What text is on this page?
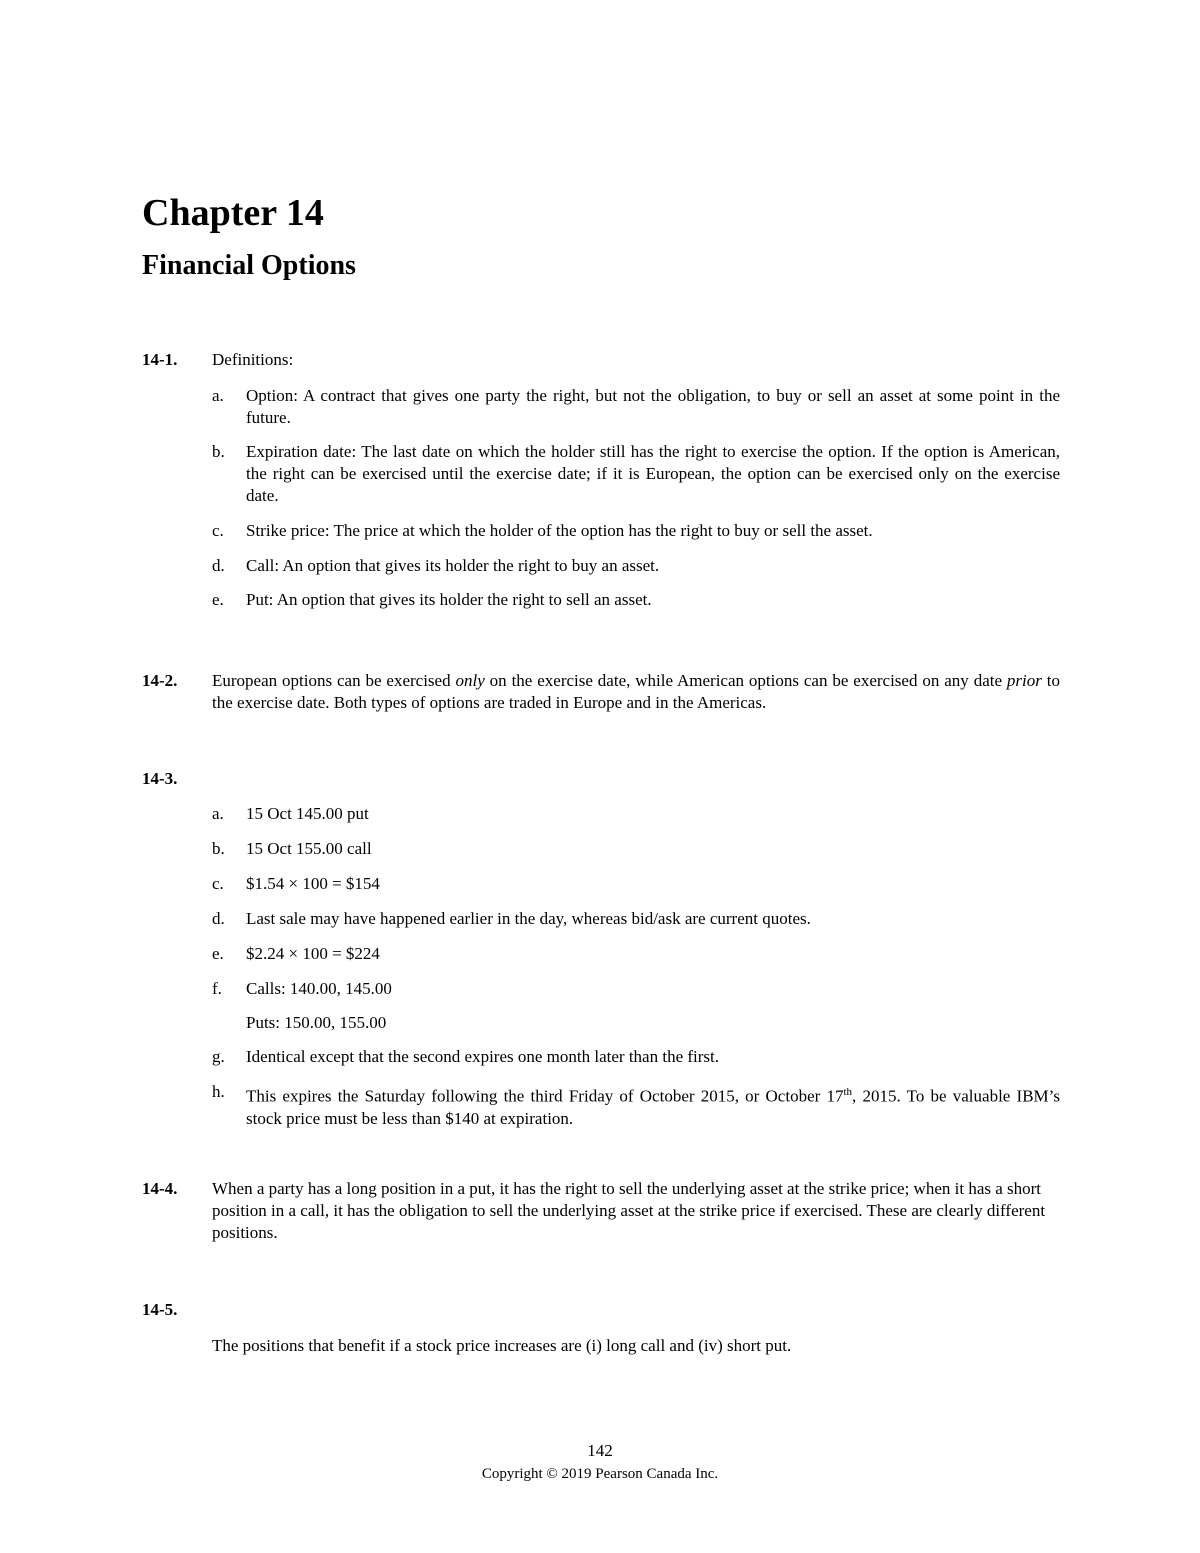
Chapter 14
Financial Options
14-1.	Definitions:
a.	Option: A contract that gives one party the right, but not the obligation, to buy or sell an asset at some point in the future.
b.	Expiration date: The last date on which the holder still has the right to exercise the option. If the option is American, the right can be exercised until the exercise date; if it is European, the option can be exercised only on the exercise date.
c.	Strike price: The price at which the holder of the option has the right to buy or sell the asset.
d.	Call: An option that gives its holder the right to buy an asset.
e.	Put: An option that gives its holder the right to sell an asset.
14-2.	European options can be exercised only on the exercise date, while American options can be exercised on any date prior to the exercise date. Both types of options are traded in Europe and in the Americas.
14-3.
a.	15 Oct 145.00 put
b.	15 Oct 155.00 call
c.	$1.54 × 100 = $154
d.	Last sale may have happened earlier in the day, whereas bid/ask are current quotes.
e.	$2.24 × 100 = $224
f.	Calls: 140.00, 145.00
Puts: 150.00, 155.00
g.	Identical except that the second expires one month later than the first.
h.	This expires the Saturday following the third Friday of October 2015, or October 17th, 2015. To be valuable IBM’s stock price must be less than $140 at expiration.
14-4.	When a party has a long position in a put, it has the right to sell the underlying asset at the strike price; when it has a short position in a call, it has the obligation to sell the underlying asset at the strike price if exercised. These are clearly different positions.
14-5.
The positions that benefit if a stock price increases are (i) long call and (iv) short put.
142
Copyright © 2019 Pearson Canada Inc.
